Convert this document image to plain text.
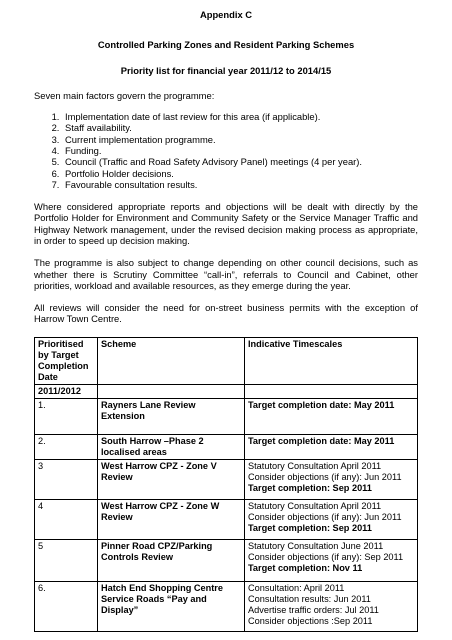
Appendix C

Controlled Parking Zones and Resident Parking Schemes

Priority list for financial year 2011/12 to 2014/15

Seven main factors govern the programme:

1. Implementation date of last review for this area (if applicable).
2. Staff availability.
3. Current implementation programme.
4. Funding.
5. Council (Traffic and Road Safety Advisory Panel) meetings (4 per year).
6. Portfolio Holder decisions.
7. Favourable consultation results.

Where considered appropriate reports and objections will be dealt with directly by the Portfolio Holder for Environment and Community Safety or the Service Manager Traffic and Highway Network management, under the revised decision making process as appropriate, in order to speed up decision making.

The programme is also subject to change depending on other council decisions, such as whether there is Scrutiny Committee “call-in”, referrals to Council and Cabinet, other priorities, workload and available resources, as they emerge during the year.

All reviews will consider the need for on-street business permits with the exception of Harrow Town Centre.

Prioritised by Target Completion Date	Scheme	Indicative Timescales
2011/2012		
1.	Rayners Lane Review Extension	Target completion date: May 2011

2.	South Harrow –Phase 2 localised areas	Target completion date: May 2011

3	West Harrow CPZ - Zone V Review	Statutory Consultation April 2011
Consider objections (if any): Jun 2011
Target completion: Sep 2011

4	West Harrow CPZ - Zone W Review	Statutory Consultation April 2011
Consider objections (if any): Jun 2011
Target completion: Sep 2011

5	Pinner Road CPZ/Parking Controls Review	Statutory Consultation June 2011
Consider objections (if any): Sep 2011
Target completion: Nov 11

6.	Hatch End Shopping Centre Service Roads “Pay and Display”	Consultation: April 2011
Consultation results: Jun 2011
Advertise traffic orders: Jul 2011
Consider objections :Sep 2011
